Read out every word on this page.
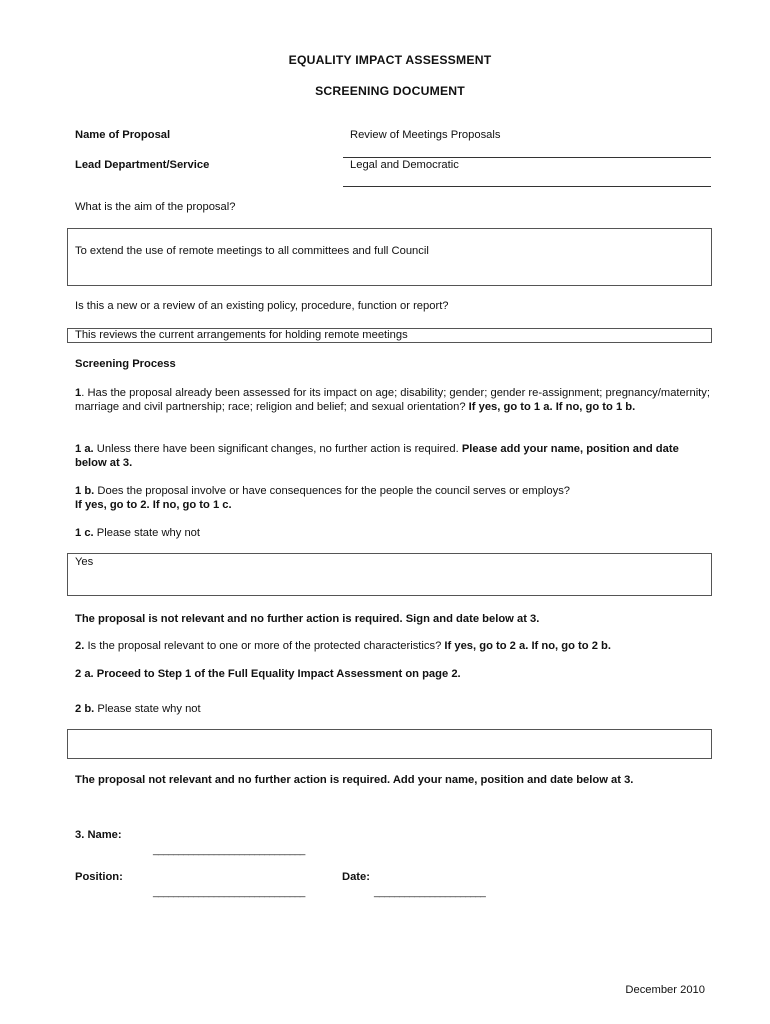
EQUALITY IMPACT ASSESSMENT
SCREENING DOCUMENT
Name of Proposal	Review of Meetings Proposals
Lead Department/Service	Legal and Democratic
What is the aim of the proposal?
To extend the use of remote meetings to all committees and full Council
Is this a new or a review of an existing policy, procedure, function or report?
This reviews the current arrangements for holding remote meetings
Screening Process
1. Has the proposal already been assessed for its impact on age; disability; gender; gender re-assignment; pregnancy/maternity; marriage and civil partnership; race; religion and belief; and sexual orientation? If yes, go to 1 a. If no, go to 1 b.
1 a. Unless there have been significant changes, no further action is required. Please add your name, position and date below at 3.
1 b. Does the proposal involve or have consequences for the people the council serves or employs?
If yes, go to 2. If no, go to 1 c.
1 c. Please state why not
Yes
The proposal is not relevant and no further action is required. Sign and date below at 3.
2. Is the proposal relevant to one or more of the protected characteristics? If yes, go to 2 a. If no, go to 2 b.
2 a. Proceed to Step 1 of the Full Equality Impact Assessment on page 2.
2 b. Please state why not
The proposal not relevant and no further action is required. Add your name, position and date below at 3.
3. Name:
______________________________
Position:
______________________________
Date:
______________________
December 2010
